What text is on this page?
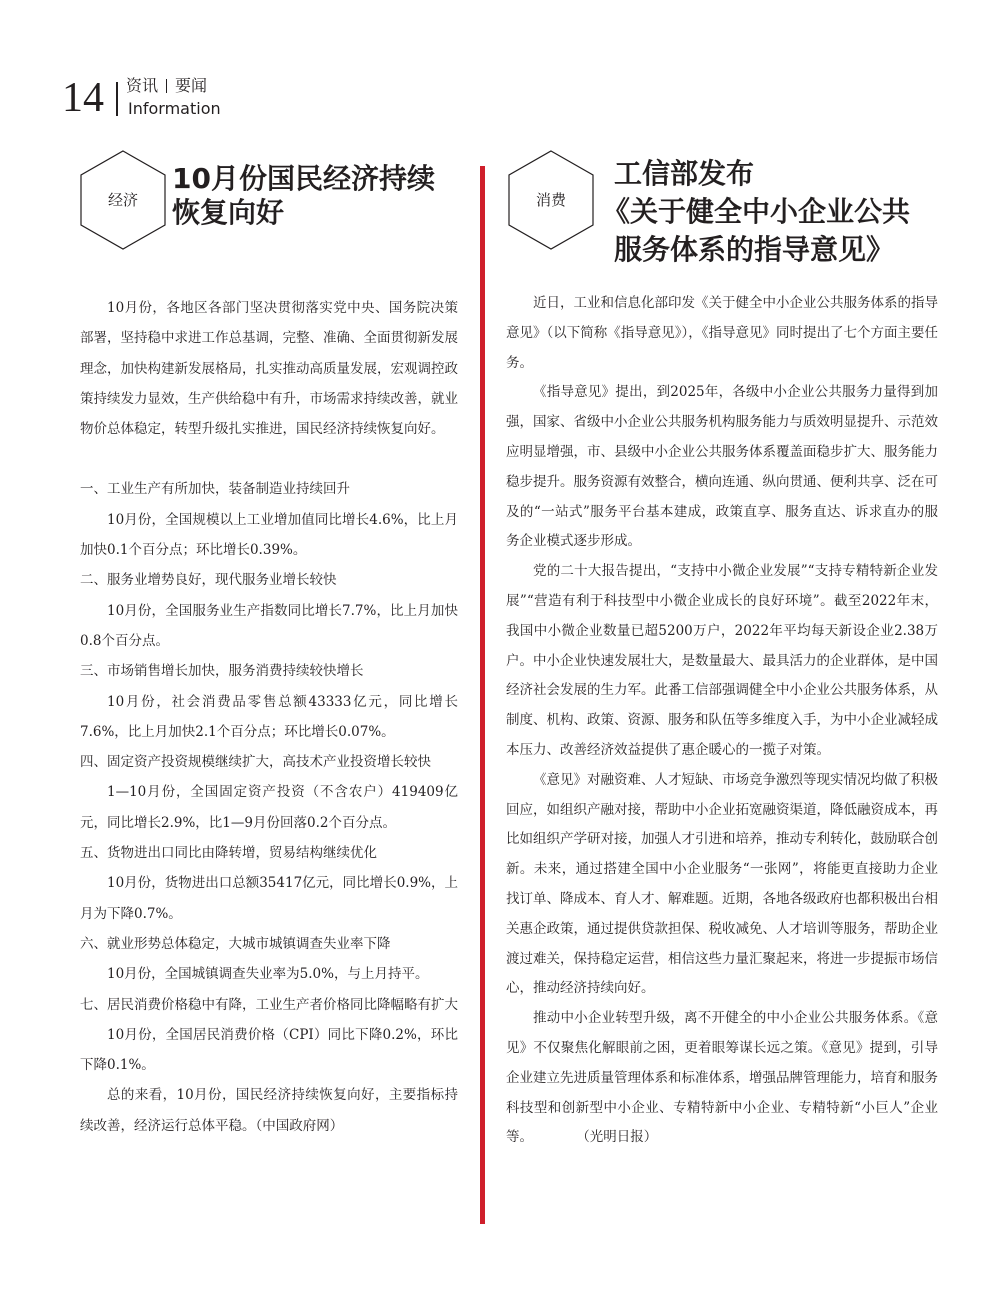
14 资讯 要闻
Information
经济
10月份国民经济持续
恢复向好

10月份，各地区各部门坚决贯彻落实党中央、国务院决策部署，坚持稳中求进工作总基调，完整、准确、全面贯彻新发展理念，加快构建新发展格局，扎实推动高质量发展，宏观调控政策持续发力显效，生产供给稳中有升，市场需求持续改善，就业物价总体稳定，转型升级扎实推进，国民经济持续恢复向好。

一、工业生产有所加快，装备制造业持续回升

10月份，全国规模以上工业增加值同比增长4.6%，比上月加快0.1个百分点；环比增长0.39%。

二、服务业增势良好，现代服务业增长较快

10月份，全国服务业生产指数同比增长7.7%，比上月加快0.8个百分点。

三、市场销售增长加快，服务消费持续较快增长

10月份，社会消费品零售总额43333亿元，同比增长7.6%，比上月加快2.1个百分点；环比增长0.07%。

四、固定资产投资规模继续扩大，高技术产业投资增长较快

1—10月份，全国固定资产投资（不含农户）419409亿元，同比增长2.9%，比1—9月份回落0.2个百分点。

五、货物进出口同比由降转增，贸易结构继续优化

10月份，货物进出口总额35417亿元，同比增长0.9%，上月为下降0.7%。

六、就业形势总体稳定，大城市城镇调查失业率下降

10月份，全国城镇调查失业率为5.0%，与上月持平。

七、居民消费价格稳中有降，工业生产者价格同比降幅略有扩大

10月份，全国居民消费价格（CPI）同比下降0.2%，环比下降0.1%。

总的来看，10月份，国民经济持续恢复向好，主要指标持续改善，经济运行总体平稳。（中国政府网）

消费
工信部发布
《关于健全中小企业公共
服务体系的指导意见》

近日，工业和信息化部印发《关于健全中小企业公共服务体系的指导意见》（以下简称《指导意见》），《指导意见》同时提出了七个方面主要任务。

《指导意见》提出，到2025年，各级中小企业公共服务力量得到加强，国家、省级中小企业公共服务机构服务能力与质效明显提升、示范效应明显增强，市、县级中小企业公共服务体系覆盖面稳步扩大、服务能力稳步提升。服务资源有效整合，横向连通、纵向贯通、便利共享、泛在可及的“一站式”服务平台基本建成，政策直享、服务直达、诉求直办的服务企业模式逐步形成。

党的二十大报告提出，“支持中小微企业发展”“支持专精特新企业发展”“营造有利于科技型中小微企业成长的良好环境”。截至2022年末，我国中小微企业数量已超5200万户，2022年平均每天新设企业2.38万户。中小企业快速发展壮大，是数量最大、最具活力的企业群体，是中国经济社会发展的生力军。此番工信部强调健全中小企业公共服务体系，从制度、机构、政策、资源、服务和队伍等多维度入手，为中小企业减轻成本压力、改善经济效益提供了惠企暖心的一揽子对策。

《意见》对融资难、人才短缺、市场竞争激烈等现实情况均做了积极回应，如组织产融对接，帮助中小企业拓宽融资渠道，降低融资成本，再比如组织产学研对接，加强人才引进和培养，推动专利转化，鼓励联合创新。未来，通过搭建全国中小企业服务“一张网”，将能更直接助力企业找订单、降成本、育人才、解难题。近期，各地各级政府也都积极出台相关惠企政策，通过提供贷款担保、税收减免、人才培训等服务，帮助企业渡过难关，保持稳定运营，相信这些力量汇聚起来，将进一步提振市场信心，推动经济持续向好。

推动中小企业转型升级，离不开健全的中小企业公共服务体系。《意见》不仅聚焦化解眼前之困，更着眼筹谋长远之策。《意见》提到，引导企业建立先进质量管理体系和标准体系，增强品牌管理能力，培育和服务科技型和创新型中小企业、专精特新中小企业、专精特新“小巨人”企业等。	（光明日报）
